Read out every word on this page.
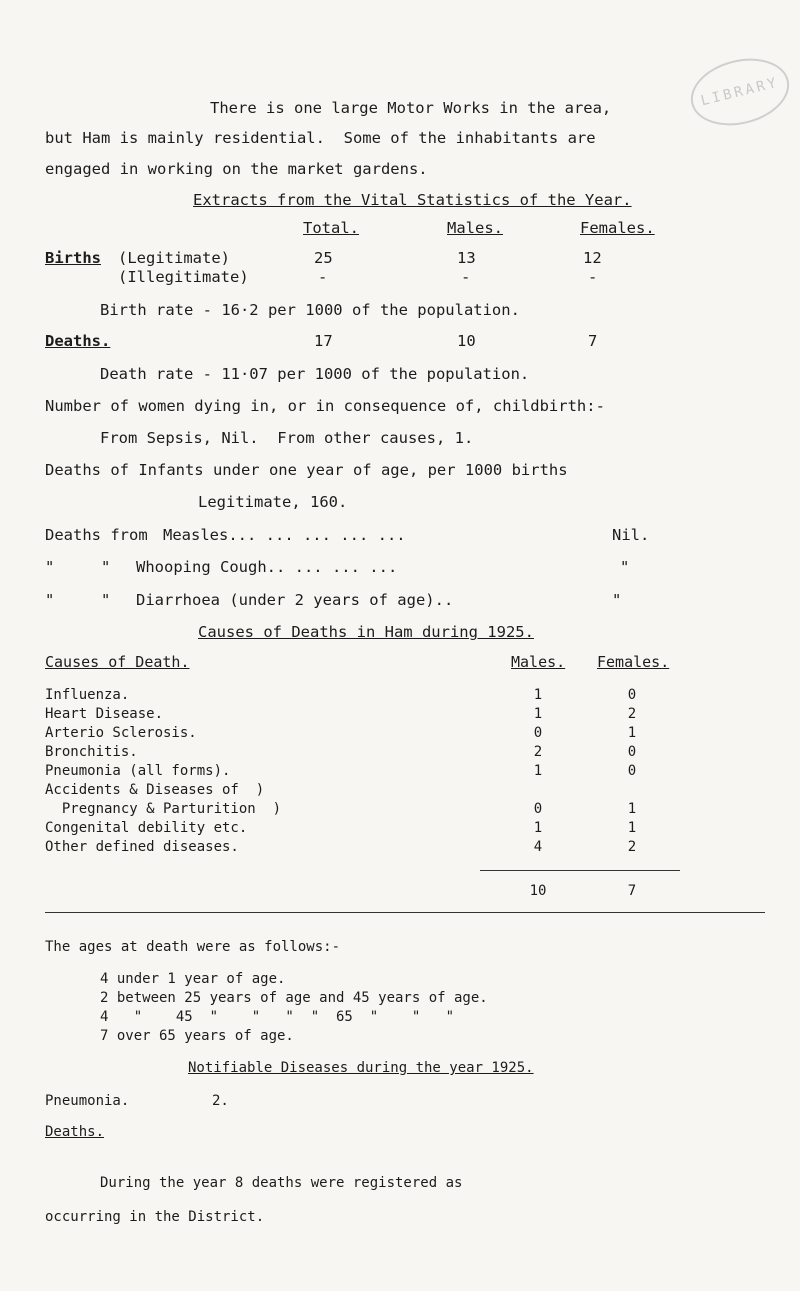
LIBRARY
There is one large Motor Works in the area,
but Ham is mainly residential.  Some of the inhabitants are
engaged in working on the market gardens.
Extracts from the Vital Statistics of the Year.
Total.	Males.	Females.
Births (Legitimate)	25	13	12
(Illegitimate)	-	-	-
Birth rate - 16·2 per 1000 of the population.
Deaths.	17	10	7
Death rate - 11·07 per 1000 of the population.
Number of women dying in, or in consequence of, childbirth:-
From Sepsis, Nil.  From other causes, 1.
Deaths of Infants under one year of age, per 1000 births
Legitimate, 160.
Deaths from Measles... ... ... ... ...	Nil.
"     " Whooping Cough.. ... ... ...	"
"     " Diarrhoea (under 2 years of age)..	"
Causes of Deaths in Ham during 1925.
Causes of Death.	Males. Females.
Influenza.	1	0
Heart Disease.	1	2
Arterio Sclerosis.	0	1
Bronchitis.	2	0
Pneumonia (all forms).	1	0
Accidents & Diseases of  )
Pregnancy & Parturition  )	0	1
Congenital debility etc.	1	1
Other defined diseases.	4	2
10	7
The ages at death were as follows:-
4 under 1 year of age.
2 between 25 years of age and 45 years of age.
4   "    45  "    "   "  "  65  "    "   "
7 over 65 years of age.
Notifiable Diseases during the year 1925.
Pneumonia.	2.
Deaths.
During the year 8 deaths were registered as
occurring in the District.
